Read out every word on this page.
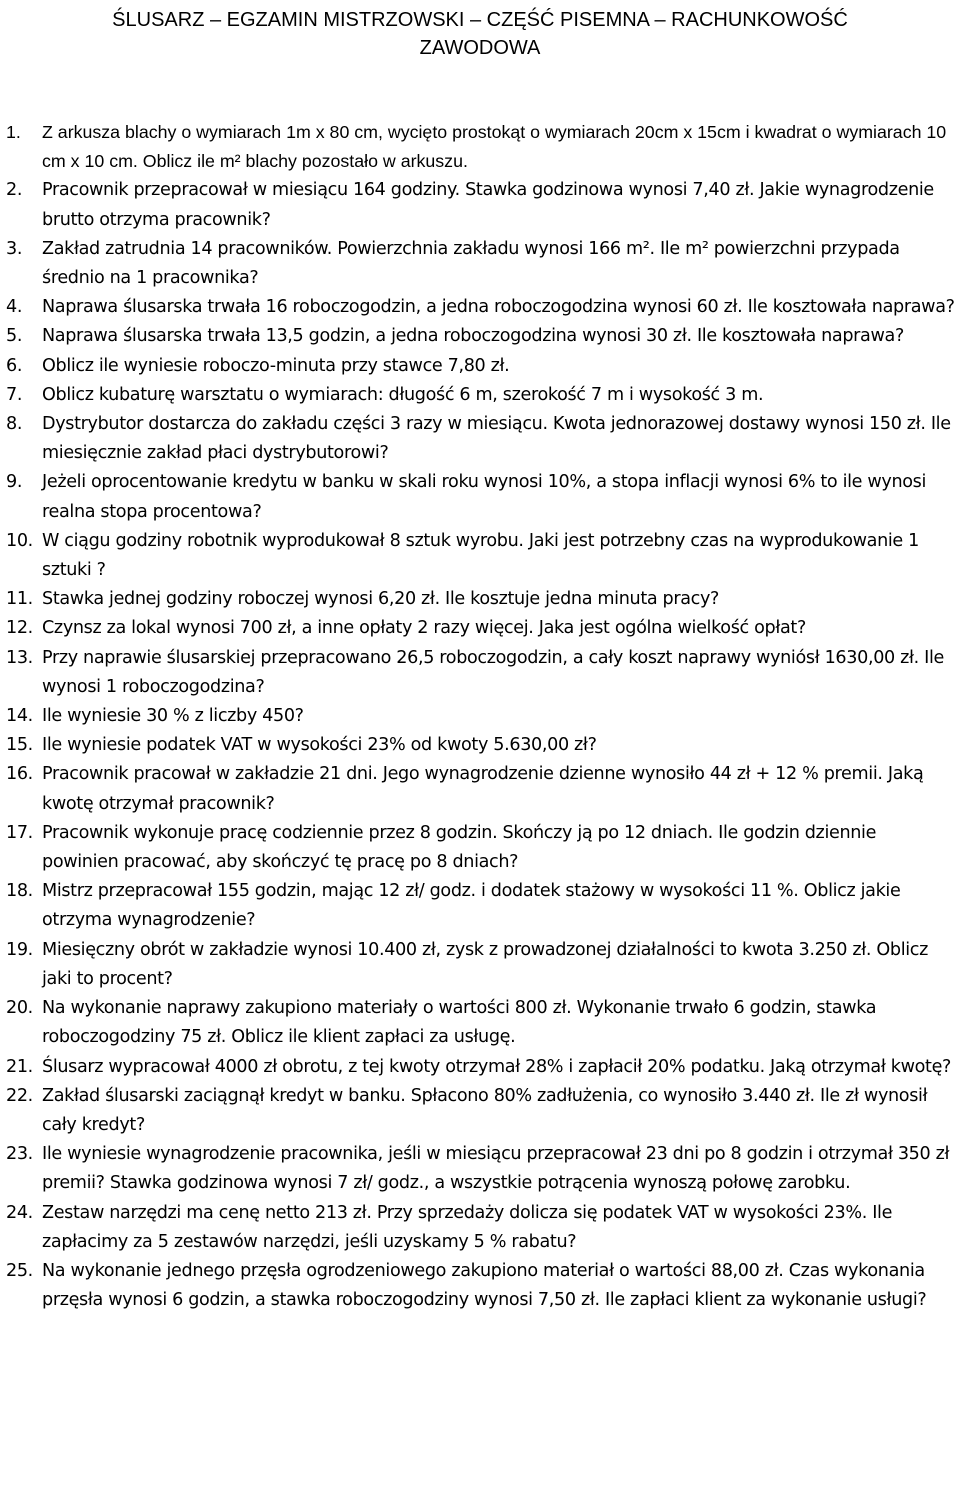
ŚLUSARZ – EGZAMIN MISTRZOWSKI – CZĘŚĆ PISEMNA – RACHUNKOWOŚĆ
ZAWODOWA
1.	Z arkusza blachy o wymiarach 1m x 80 cm, wycięto prostokąt o wymiarach 20cm x 15cm i kwadrat o wymiarach 10 cm x 10 cm. Oblicz ile m² blachy pozostało w arkuszu.
2.	Pracownik przepracował w miesiącu 164 godziny. Stawka godzinowa wynosi 7,40 zł. Jakie wynagrodzenie brutto otrzyma pracownik?
3.	Zakład zatrudnia 14 pracowników. Powierzchnia zakładu wynosi 166 m². Ile m² powierzchni przypada średnio na 1 pracownika?
4.	Naprawa ślusarska trwała 16 roboczogodzin, a jedna roboczogodzina wynosi 60 zł. Ile kosztowała naprawa?
5.	Naprawa ślusarska trwała 13,5 godzin, a jedna roboczogodzina wynosi 30 zł. Ile kosztowała naprawa?
6.	Oblicz ile wyniesie roboczo-minuta przy stawce 7,80 zł.
7.	Oblicz kubaturę warsztatu o wymiarach: długość 6 m, szerokość 7 m i wysokość 3 m.
8.	Dystrybutor dostarcza do zakładu części 3 razy w miesiącu. Kwota jednorazowej dostawy wynosi 150 zł. Ile miesięcznie zakład płaci dystrybutorowi?
9.	Jeżeli oprocentowanie kredytu w banku w skali roku wynosi 10%, a stopa inflacji wynosi 6% to ile wynosi realna stopa procentowa?
10. W ciągu godziny robotnik wyprodukował 8 sztuk wyrobu. Jaki jest potrzebny czas na wyprodukowanie 1 sztuki ?
11. Stawka jednej godziny roboczej wynosi 6,20 zł. Ile kosztuje jedna minuta pracy?
12. Czynsz za lokal wynosi 700 zł, a inne opłaty 2 razy więcej. Jaka jest ogólna wielkość opłat?
13. Przy naprawie ślusarskiej przepracowano 26,5 roboczogodzin, a cały koszt naprawy wyniósł 1630,00 zł. Ile wynosi 1 roboczogodzina?
14. Ile wyniesie 30 % z liczby 450?
15. Ile wyniesie podatek VAT w wysokości 23% od kwoty 5.630,00 zł?
16. Pracownik pracował w zakładzie 21 dni. Jego wynagrodzenie dzienne wynosiło 44 zł + 12 % premii. Jaką kwotę otrzymał pracownik?
17. Pracownik wykonuje pracę codziennie przez 8 godzin. Skończy ją po 12 dniach. Ile godzin dziennie powinien pracować, aby skończyć tę pracę po 8 dniach?
18. Mistrz przepracował 155 godzin, mając 12 zł/ godz. i dodatek stażowy w wysokości 11 %. Oblicz jakie otrzyma wynagrodzenie?
19. Miesięczny obrót w zakładzie wynosi 10.400 zł, zysk z prowadzonej działalności to kwota 3.250 zł. Oblicz jaki to procent?
20. Na wykonanie naprawy zakupiono materiały o wartości 800 zł. Wykonanie trwało 6 godzin, stawka roboczogodziny 75 zł. Oblicz ile klient zapłaci za usługę.
21. Ślusarz wypracował 4000 zł obrotu, z tej kwoty otrzymał 28% i zapłacił 20% podatku. Jaką otrzymał kwotę?
22. Zakład ślusarski zaciągnął kredyt w banku. Spłacono 80% zadłużenia, co wynosiło 3.440 zł. Ile zł wynosił cały kredyt?
23. Ile wyniesie wynagrodzenie pracownika, jeśli w miesiącu przepracował 23 dni po 8 godzin i otrzymał 350 zł premii? Stawka godzinowa wynosi 7 zł/ godz., a wszystkie potrącenia wynoszą połowę zarobku.
24. Zestaw narzędzi ma cenę netto 213 zł. Przy sprzedaży dolicza się podatek VAT w wysokości 23%. Ile zapłacimy za 5 zestawów narzędzi, jeśli uzyskamy 5 % rabatu?
25. Na wykonanie jednego przęsła ogrodzeniowego zakupiono materiał o wartości 88,00 zł. Czas wykonania przęsła wynosi 6 godzin, a stawka roboczogodziny wynosi 7,50 zł. Ile zapłaci klient za wykonanie usługi?
